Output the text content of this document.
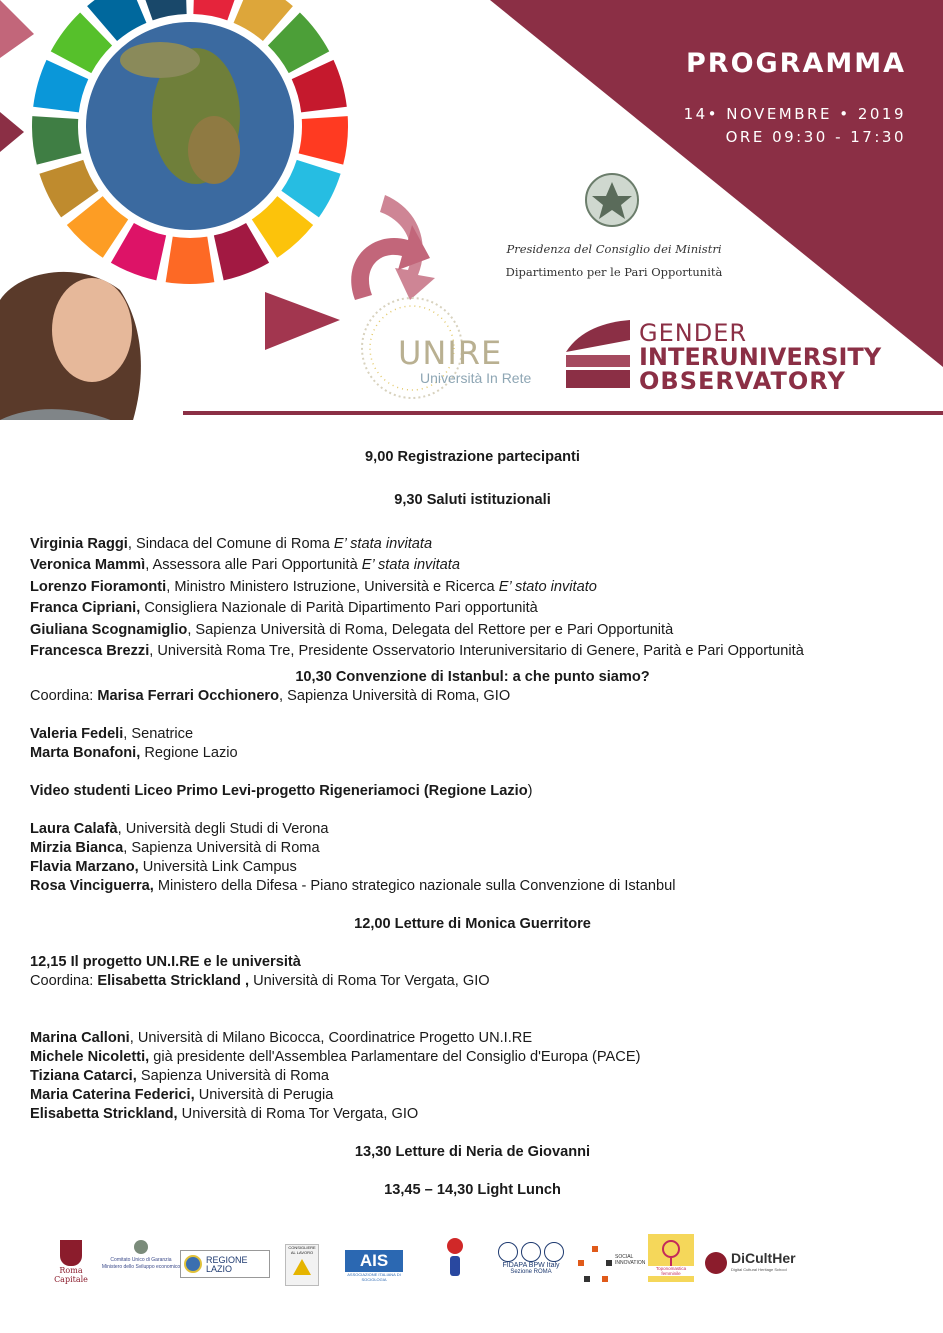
PROGRAMMA
14• NOVEMBRE • 2019
ORE 09:30 - 17:30
Presidenza del Consiglio dei Ministri
Dipartimento per le Pari Opportunità
UNIRE
Università In Rete
GENDER
INTERUNIVERSITY
OBSERVATORY
9,00 Registrazione partecipanti
9,30 Saluti istituzionali

Virginia Raggi, Sindaca del Comune di Roma E’ stata invitata

Veronica Mammì, Assessora alle Pari Opportunità E’ stata invitata

Lorenzo Fioramonti, Ministro Ministero Istruzione, Università e Ricerca E’ stato invitato

Franca Cipriani, Consigliera Nazionale di Parità Dipartimento Pari opportunità

Giuliana Scognamiglio, Sapienza Università di Roma, Delegata del Rettore per e Pari Opportunità

Francesca Brezzi, Università Roma Tre, Presidente Osservatorio Interuniversitario di Genere, Parità e Pari Opportunità

10,30 Convenzione di Istanbul: a che punto siamo?
Coordina: Marisa Ferrari Occhionero, Sapienza Università di Roma, GIO

Valeria Fedeli, Senatrice

Marta Bonafoni, Regione Lazio

Video studenti Liceo Primo Levi-progetto Rigeneriamoci (Regione Lazio)

Laura Calafà, Università degli Studi di Verona

Mirzia Bianca, Sapienza Università di Roma

Flavia Marzano, Università Link Campus

Rosa Vinciguerra, Ministero della Difesa - Piano strategico nazionale sulla Convenzione di Istanbul

12,00 Letture di Monica Guerritore
12,15 Il progetto UN.I.RE e le università
Coordina: Elisabetta Strickland , Università di Roma Tor Vergata, GIO

Marina Calloni, Università di Milano Bicocca, Coordinatrice Progetto UN.I.RE

Michele Nicoletti, già presidente dell'Assemblea Parlamentare del Consiglio d'Europa (PACE)

Tiziana Catarci, Sapienza Università di Roma

Maria Caterina Federici, Università di Perugia

Elisabetta Strickland, Università di Roma Tor Vergata, GIO

13,30 Letture di Neria de Giovanni
13,45 – 14,30 Light Lunch
Roma Capitale
Comitato Unico di Garanzia Ministero dello Sviluppo economico
REGIONE LAZIO
CONSIGLIERE AL LAVORO	AIS
ASSOCIAZIONE ITALIANA DI SOCIOLOGIA
FIDAPA BPW Italy
Sezione ROMA
SOCIAL INNOVATION
Toponomastica femminile
DiCultHer
Digital Cultural Heritage School
